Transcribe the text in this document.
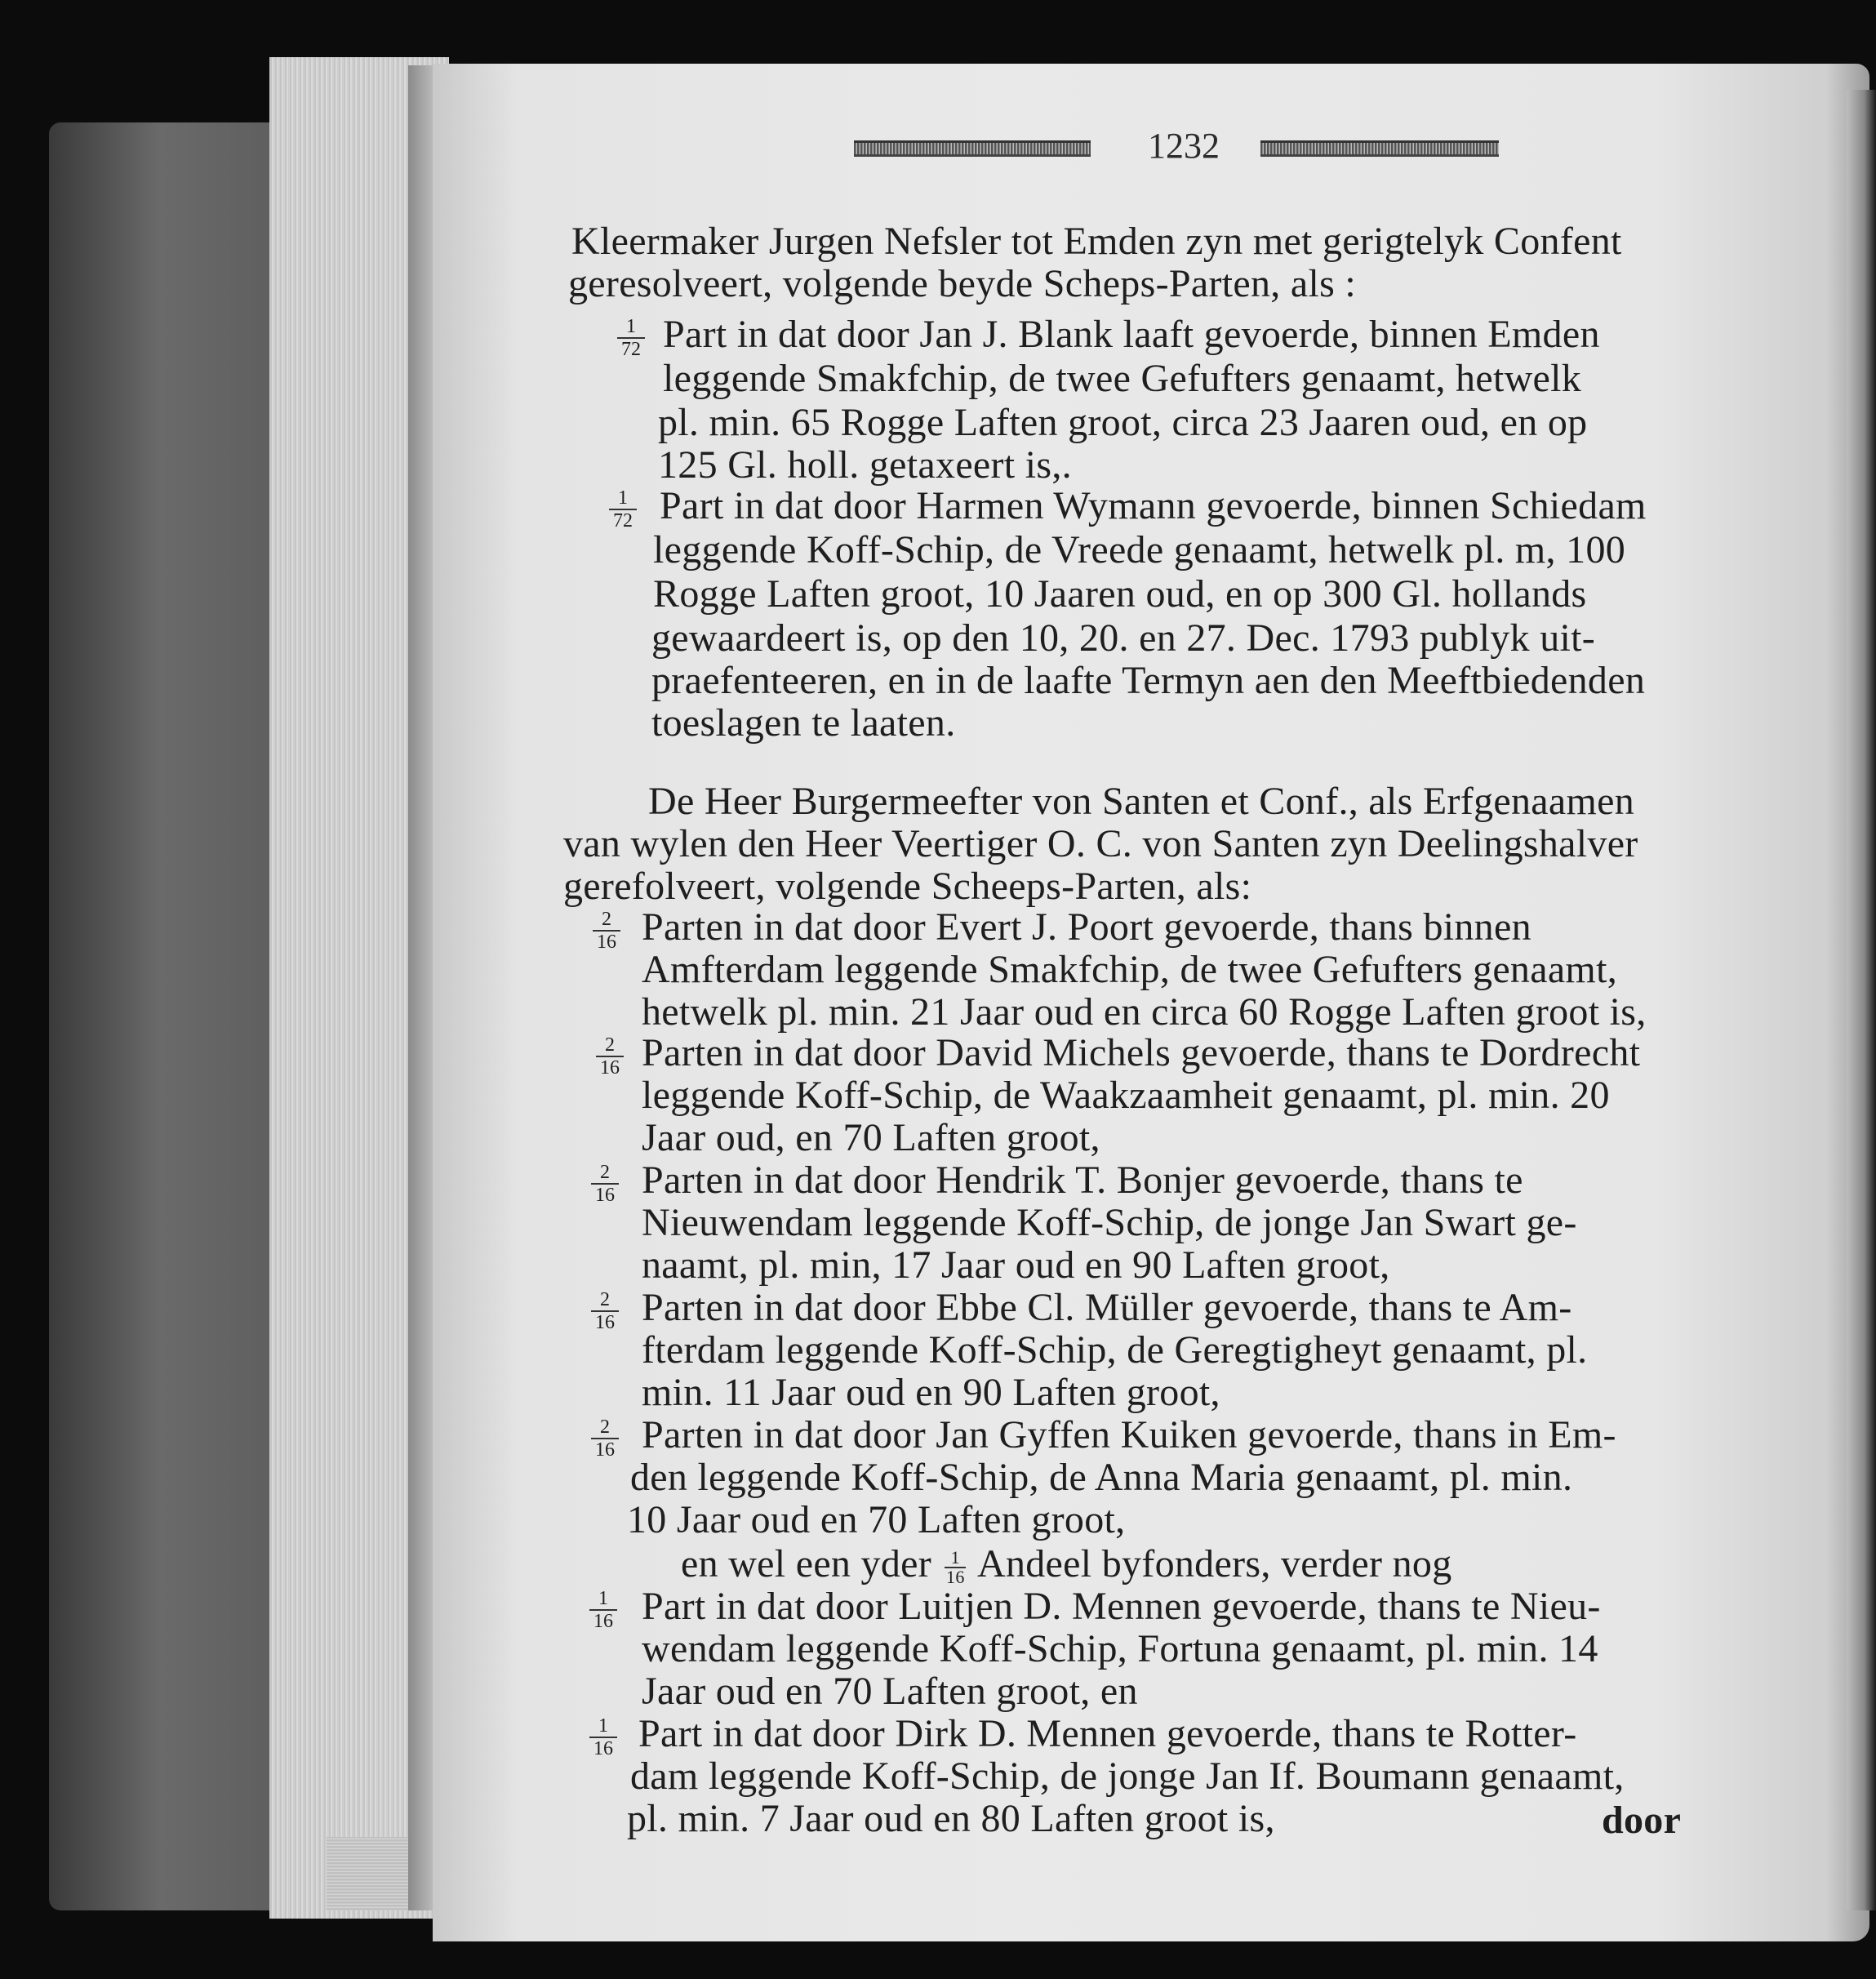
1232
Kleermaker Jurgen Nefsler tot Emden zyn met gerigtelyk Confent
geresolveert, volgende beyde Scheps-Parten, als :
$\frac{1}{72}$ Part in dat door Jan J. Blank laaft gevoerde, binnen Emden
leggende Smakfchip, de twee Gefufters genaamt, hetwelk
pl. min. 65 Rogge Laften groot, circa 23 Jaaren oud, en op
125 Gl. holl. getaxeert is,.
$\frac{1}{72}$ Part in dat door Harmen Wymann gevoerde, binnen Schiedam
leggende Koff-Schip, de Vreede genaamt, hetwelk pl. m, 100
Rogge Laften groot, 10 Jaaren oud, en op 300 Gl. hollands
gewaardeert is, op den 10, 20. en 27. Dec. 1793 publyk uit-
praefenteeren, en in de laafte Termyn aen den Meeftbiedenden
toeslagen te laaten.
De Heer Burgermeefter von Santen et Conf., als Erfgenaamen
van wylen den Heer Veertiger O. C. von Santen zyn Deelingshalver
gerefolveert, volgende Scheeps-Parten, als:
$\frac{2}{16}$ Parten in dat door Evert J. Poort gevoerde, thans binnen
Amfterdam leggende Smakfchip, de twee Gefufters genaamt,
hetwelk pl. min. 21 Jaar oud en circa 60 Rogge Laften groot is,
$\frac{2}{16}$ Parten in dat door David Michels gevoerde, thans te Dordrecht
leggende Koff-Schip, de Waakzaamheit genaamt, pl. min. 20
Jaar oud, en 70 Laften groot,
$\frac{2}{16}$ Parten in dat door Hendrik T. Bonjer gevoerde, thans te
Nieuwendam leggende Koff-Schip, de jonge Jan Swart ge-
naamt, pl. min, 17 Jaar oud en 90 Laften groot,
$\frac{2}{16}$ Parten in dat door Ebbe Cl. Müller gevoerde, thans te Am-
fterdam leggende Koff-Schip, de Geregtigheyt genaamt, pl.
min. 11 Jaar oud en 90 Laften groot,
$\frac{2}{16}$ Parten in dat door Jan Gyffen Kuiken gevoerde, thans in Em-
den leggende Koff-Schip, de Anna Maria genaamt, pl. min.
10 Jaar oud en 70 Laften groot,
en wel een yder $\frac{1}{16}$ Andeel byfonders, verder nog
$\frac{1}{16}$ Part in dat door Luitjen D. Mennen gevoerde, thans te Nieu-
wendam leggende Koff-Schip, Fortuna genaamt, pl. min. 14
Jaar oud en 70 Laften groot, en
$\frac{1}{16}$ Part in dat door Dirk D. Mennen gevoerde, thans te Rotter-
dam leggende Koff-Schip, de jonge Jan If. Boumann genaamt,
pl. min. 7 Jaar oud en 80 Laften groot is,	door
